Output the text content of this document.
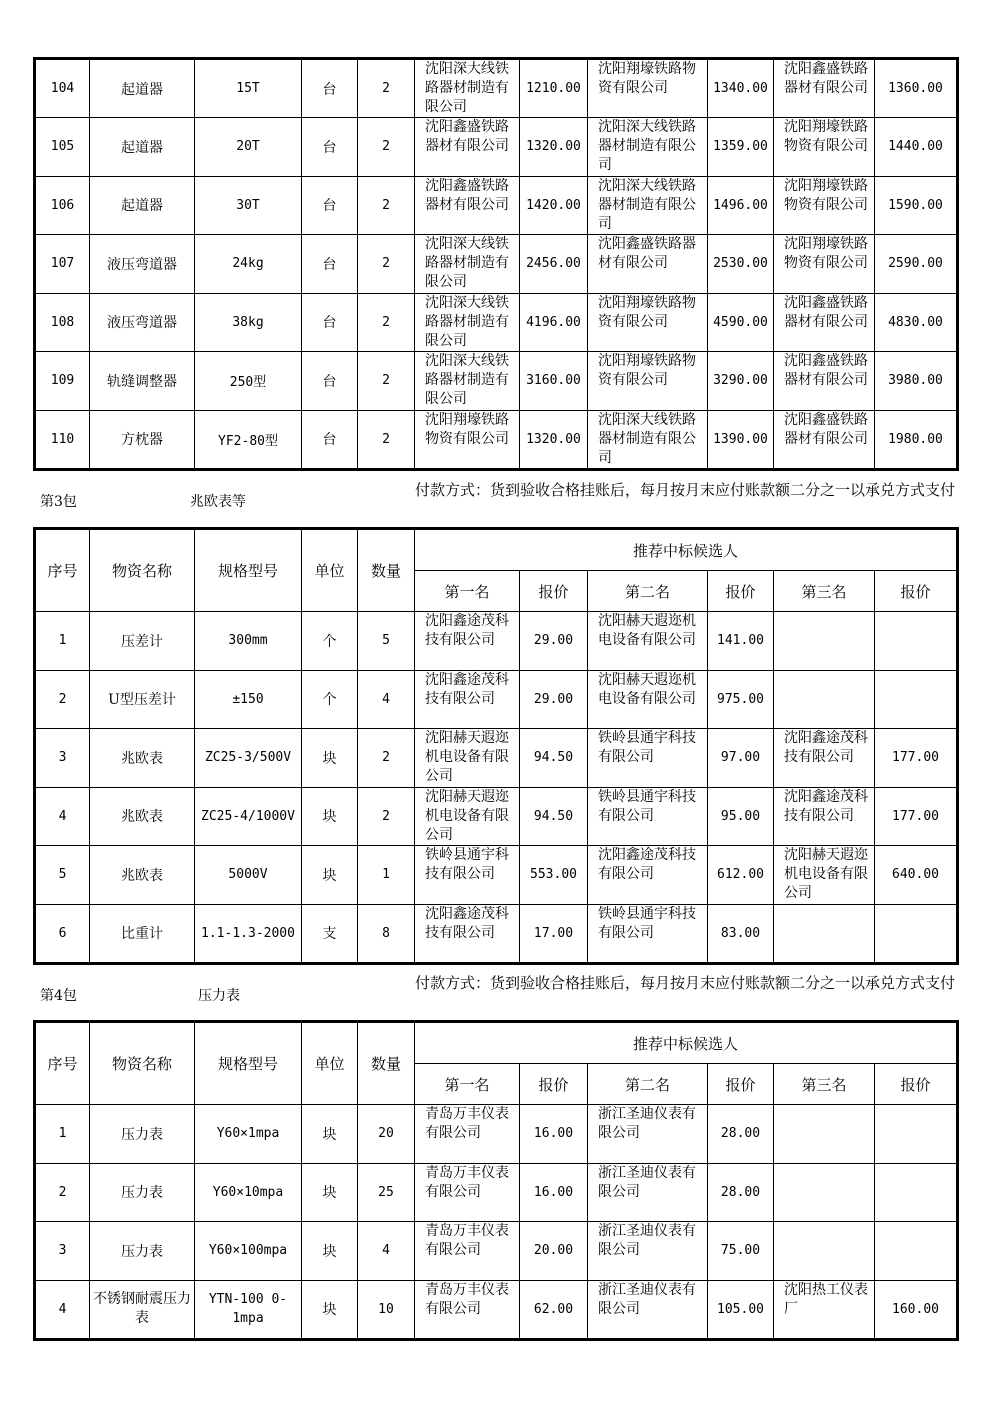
104	起道器	15T	台	2	沈阳深大线铁路器材制造有限公司	1210.00	沈阳翔壕铁路物资有限公司	1340.00	沈阳鑫盛铁路器材有限公司	1360.00
105	起道器	20T	台	2	沈阳鑫盛铁路器材有限公司	1320.00	沈阳深大线铁路器材制造有限公司	1359.00	沈阳翔壕铁路物资有限公司	1440.00
106	起道器	30T	台	2	沈阳鑫盛铁路器材有限公司	1420.00	沈阳深大线铁路器材制造有限公司	1496.00	沈阳翔壕铁路物资有限公司	1590.00
107	液压弯道器	24kg	台	2	沈阳深大线铁路器材制造有限公司	2456.00	沈阳鑫盛铁路器材有限公司	2530.00	沈阳翔壕铁路物资有限公司	2590.00
108	液压弯道器	38kg	台	2	沈阳深大线铁路器材制造有限公司	4196.00	沈阳翔壕铁路物资有限公司	4590.00	沈阳鑫盛铁路器材有限公司	4830.00
109	轨缝调整器	250型	台	2	沈阳深大线铁路器材制造有限公司	3160.00	沈阳翔壕铁路物资有限公司	3290.00	沈阳鑫盛铁路器材有限公司	3980.00
110	方枕器	YF2-80型	台	2	沈阳翔壕铁路物资有限公司	1320.00	沈阳深大线铁路器材制造有限公司	1390.00	沈阳鑫盛铁路器材有限公司	1980.00
第3包	兆欧表等
付款方式：货到验收合格挂账后，每月按月末应付账款额二分之一以承兑方式支付
序号	物资名称	规格型号	单位	数量	推荐中标候选人					
					第一名	报价	第二名	报价	第三名	报价
1	压差计	300mm	个	5	沈阳鑫途茂科技有限公司	29.00	沈阳赫天遐迩机电设备有限公司	141.00	

2	U型压差计	±150	个	4	沈阳鑫途茂科技有限公司	29.00	沈阳赫天遐迩机电设备有限公司	975.00	

3	兆欧表	ZC25-3/500V	块	2	沈阳赫天遐迩机电设备有限公司	94.50	铁岭县通宇科技有限公司	97.00	沈阳鑫途茂科技有限公司	177.00
4	兆欧表	ZC25-4/1000V	块	2	沈阳赫天遐迩机电设备有限公司	94.50	铁岭县通宇科技有限公司	95.00	沈阳鑫途茂科技有限公司	177.00
5	兆欧表	5000V	块	1	铁岭县通宇科技有限公司	553.00	沈阳鑫途茂科技有限公司	612.00	沈阳赫天遐迩机电设备有限公司	640.00
6	比重计	1.1-1.3-2000	支	8	沈阳鑫途茂科技有限公司	17.00	铁岭县通宇科技有限公司	83.00	

第4包	压力表
付款方式：货到验收合格挂账后，每月按月末应付账款额二分之一以承兑方式支付
序号	物资名称	规格型号	单位	数量	推荐中标候选人					
					第一名	报价	第二名	报价	第三名	报价
1	压力表	Y60×1mpa	块	20	青岛万丰仪表有限公司	16.00	浙江圣迪仪表有限公司	28.00	

2	压力表	Y60×10mpa	块	25	青岛万丰仪表有限公司	16.00	浙江圣迪仪表有限公司	28.00	

3	压力表	Y60×100mpa	块	4	青岛万丰仪表有限公司	20.00	浙江圣迪仪表有限公司	75.00	

4	不锈钢耐震压力表	YTN-100 0-1mpa	块	10	青岛万丰仪表有限公司	62.00	浙江圣迪仪表有限公司	105.00	沈阳热工仪表厂	160.00
